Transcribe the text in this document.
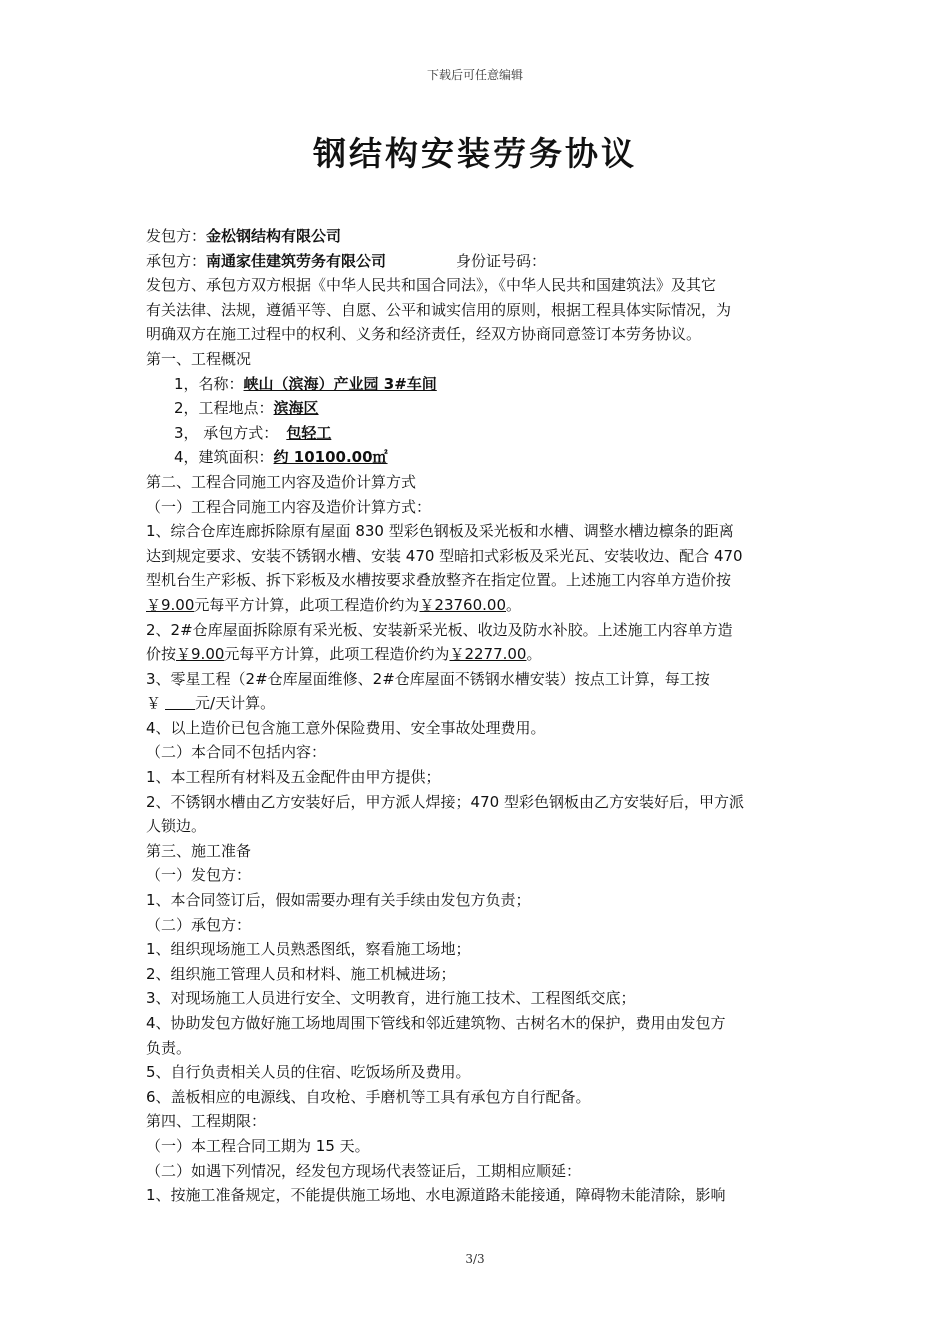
下载后可任意编辑
钢结构安装劳务协议
发包方：金松钢结构有限公司
承包方：南通家佳建筑劳务有限公司	身份证号码：
发包方、承包方双方根据《中华人民共和国合同法》，《中华人民共和国建筑法》及其它
有关法律、法规，遵循平等、自愿、公平和诚实信用的原则，根据工程具体实际情况，为
明确双方在施工过程中的权利、义务和经济责任，经双方协商同意签订本劳务协议。
第一、工程概况
1，名称：峡山（滨海）产业园 3#车间
2，工程地点：滨海区
3， 承包方式： 包轻工
4，建筑面积：约 10100.00㎡
第二、工程合同施工内容及造价计算方式
（一）工程合同施工内容及造价计算方式：
1、综合仓库连廊拆除原有屋面 830 型彩色钢板及采光板和水槽、调整水槽边檩条的距离
达到规定要求、安装不锈钢水槽、安装 470 型暗扣式彩板及采光瓦、安装收边、配合 470
型机台生产彩板、拆下彩板及水槽按要求叠放整齐在指定位置。上述施工内容单方造价按
￥9.00元每平方计算，此项工程造价约为￥23760.00。
2、2#仓库屋面拆除原有采光板、安装新采光板、收边及防水补胶。上述施工内容单方造
价按￥9.00元每平方计算，此项工程造价约为￥2277.00。
3、零星工程（2#仓库屋面维修、2#仓库屋面不锈钢水槽安装）按点工计算，每工按
￥ 元/天计算。
4、以上造价已包含施工意外保险费用、安全事故处理费用。
（二）本合同不包括内容：
1、本工程所有材料及五金配件由甲方提供；
2、不锈钢水槽由乙方安装好后，甲方派人焊接；470 型彩色钢板由乙方安装好后，甲方派
人锁边。
第三、施工准备
（一）发包方：
1、本合同签订后，假如需要办理有关手续由发包方负责；
（二）承包方：
1、组织现场施工人员熟悉图纸，察看施工场地；
2、组织施工管理人员和材料、施工机械进场；
3、对现场施工人员进行安全、文明教育，进行施工技术、工程图纸交底；
4、协助发包方做好施工场地周围下管线和邻近建筑物、古树名木的保护，费用由发包方
负责。
5、自行负责相关人员的住宿、吃饭场所及费用。
6、盖板相应的电源线、自攻枪、手磨机等工具有承包方自行配备。
第四、工程期限：
（一）本工程合同工期为 15 天。
（二）如遇下列情况，经发包方现场代表签证后，工期相应顺延：
1、按施工准备规定，不能提供施工场地、水电源道路未能接通，障碍物未能清除，影响
3/3
